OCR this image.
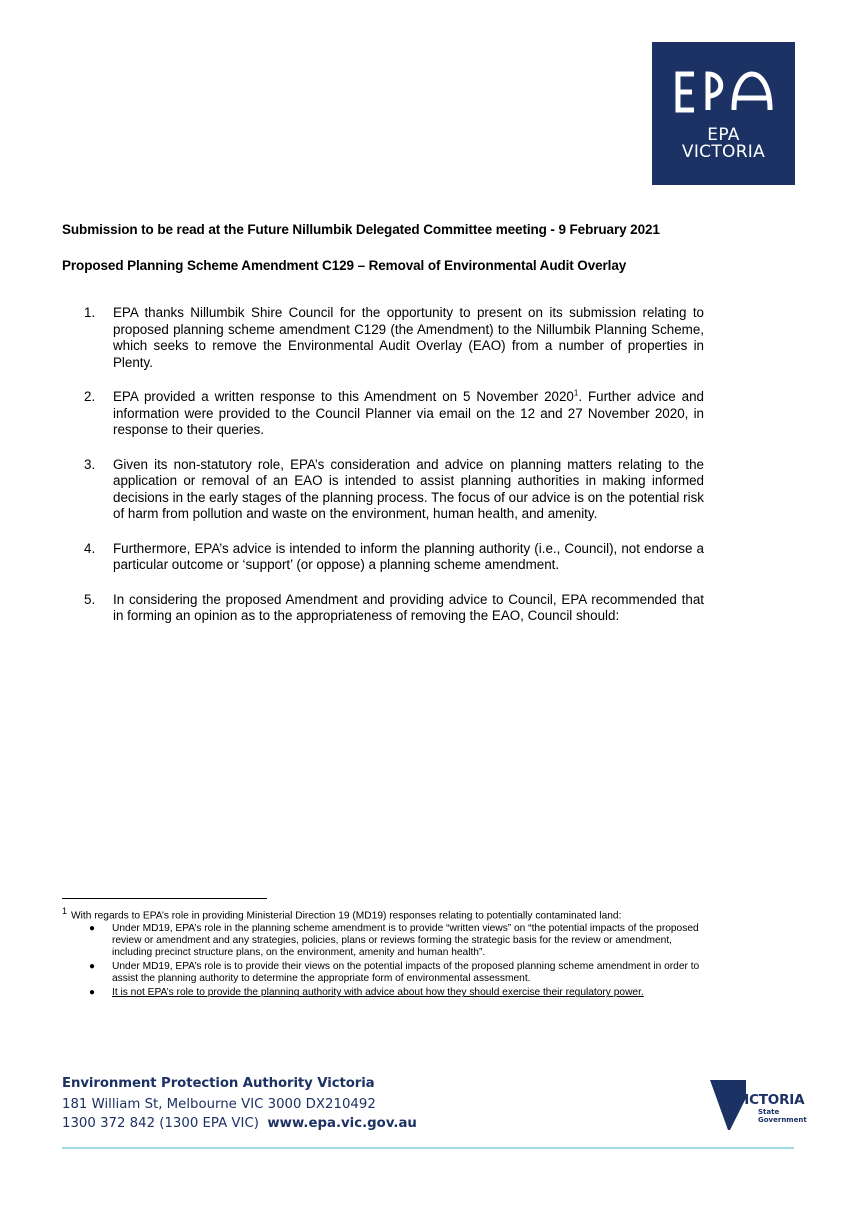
EPA
VICTORIA
Submission to be read at the Future Nillumbik Delegated Committee meeting - 9 February 2021
Proposed Planning Scheme Amendment C129 – Removal of Environmental Audit Overlay
1. EPA thanks Nillumbik Shire Council for the opportunity to present on its submission relating to proposed planning scheme amendment C129 (the Amendment) to the Nillumbik Planning Scheme, which seeks to remove the Environmental Audit Overlay (EAO) from a number of properties in Plenty.
2. EPA provided a written response to this Amendment on 5 November 2020$^1$. Further advice and information were provided to the Council Planner via email on the 12 and 27 November 2020, in response to their queries.
3. Given its non-statutory role, EPA’s consideration and advice on planning matters relating to the application or removal of an EAO is intended to assist planning authorities in making informed decisions in the early stages of the planning process. The focus of our advice is on the potential risk of harm from pollution and waste on the environment, human health, and amenity.
4. Furthermore, EPA’s advice is intended to inform the planning authority (i.e., Council), not endorse a particular outcome or ‘support’ (or oppose) a planning scheme amendment.
5. In considering the proposed Amendment and providing advice to Council, EPA recommended that in forming an opinion as to the appropriateness of removing the EAO, Council should:
$^1$ With regards to EPA’s role in providing Ministerial Direction 19 (MD19) responses relating to potentially contaminated land:
● Under MD19, EPA’s role in the planning scheme amendment is to provide “written views” on “the potential impacts of the proposed review or amendment and any strategies, policies, plans or reviews forming the strategic basis for the review or amendment, including precinct structure plans, on the environment, amenity and human health”.
● Under MD19, EPA’s role is to provide their views on the potential impacts of the proposed planning scheme amendment in order to assist the planning authority to determine the appropriate form of environmental assessment.
● It is not EPA’s role to provide the planning authority with advice about how they should exercise their regulatory power.
Environment Protection Authority Victoria
181 William St, Melbourne VIC 3000 DX210492
1300 372 842 (1300 EPA VIC) www.epa.vic.gov.au
VICTORIA
State
Government
